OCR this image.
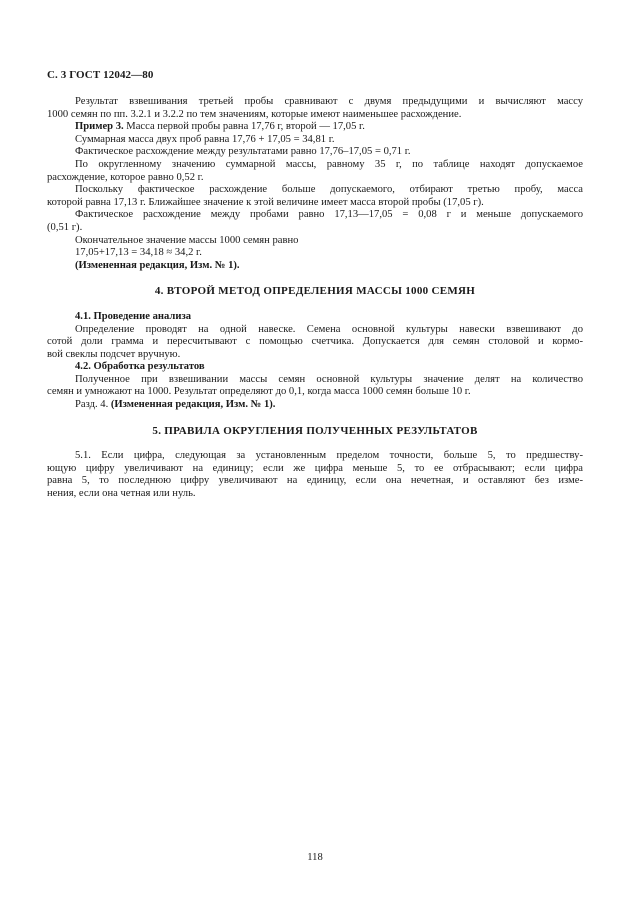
С. 3 ГОСТ 12042—80
Результат взвешивания третьей пробы сравнивают с двумя предыдущими и вычисляют массу
1000 семян по пп. 3.2.1 и 3.2.2 по тем значениям, которые имеют наименьшее расхождение.
Пример 3. Масса первой пробы равна 17,76 г, второй — 17,05 г.
Суммарная масса двух проб равна 17,76 + 17,05 = 34,81 г.
Фактическое расхождение между результатами равно 17,76–17,05 = 0,71 г.
По округленному значению суммарной массы, равному 35 г, по таблице находят допускаемое
расхождение, которое равно 0,52 г.
Поскольку фактическое расхождение больше допускаемого, отбирают третью пробу, масса
которой равна 17,13 г. Ближайшее значение к этой величине имеет масса второй пробы (17,05 г).
Фактическое расхождение между пробами равно 17,13—17,05 = 0,08 г и меньше допускаемого
(0,51 г).
Окончательное значение массы 1000 семян равно
17,05+17,13 = 34,18 ≈ 34,2 г.
(Измененная редакция, Изм. № 1).
4. ВТОРОЙ МЕТОД ОПРЕДЕЛЕНИЯ МАССЫ 1000 СЕМЯН
4.1. Проведение анализа
Определение проводят на одной навеске. Семена основной культуры навески взвешивают до
сотой доли грамма и пересчитывают с помощью счетчика. Допускается для семян столовой и кормо-
вой свеклы подсчет вручную.
4.2. Обработка результатов
Полученное при взвешивании массы семян основной культуры значение делят на количество
семян и умножают на 1000. Результат определяют до 0,1, когда масса 1000 семян больше 10 г.
Разд. 4. (Измененная редакция, Изм. № 1).
5. ПРАВИЛА ОКРУГЛЕНИЯ ПОЛУЧЕННЫХ РЕЗУЛЬТАТОВ
5.1. Если цифра, следующая за установленным пределом точности, больше 5, то предшеству-
ющую цифру увеличивают на единицу; если же цифра меньше 5, то ее отбрасывают; если цифра
равна 5, то последнюю цифру увеличивают на единицу, если она нечетная, и оставляют без изме-
нения, если она четная или нуль.
118
